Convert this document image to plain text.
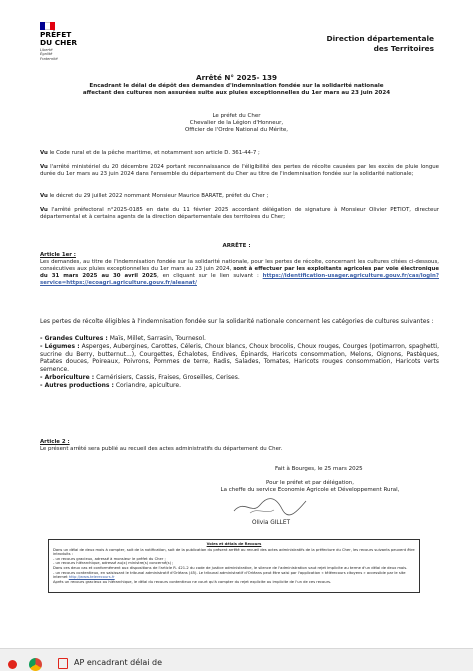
PRÉFET
DU CHER
Liberté
Égalité
Fraternité
Direction départementale
des Territoires
Arrêté N° 2025- 139
Encadrant le délai de dépôt des demandes d'indemnisation fondée sur la solidarité nationale
affectant des cultures non assurées suite aux pluies exceptionnelles du 1er mars au 23 juin 2024
Le préfet du Cher
Chevalier de la Légion d'Honneur,
Officier de l'Ordre National du Mérite,
Vu le Code rural et de la pêche maritime, et notamment son article D. 361-44-7 ;
Vu l'arrêté ministériel du 20 décembre 2024 portant reconnaissance de l'éligibilité des pertes de récolte causées par les excès de pluie longue durée du 1er mars au 23 juin 2024 dans l'ensemble du département du Cher au titre de l'indemnisation fondée sur la solidarité nationale;
Vu le décret du 29 juillet 2022 nommant Monsieur Maurice BARATE, préfet du Cher ;
Vu l'arrêté préfectoral n°2025-0185 en date du 11 février 2025 accordant délégation de signature à Monsieur Olivier PETIOT, directeur départemental et à certains agents de la direction départementale des territoires du Cher;
ARRÊTE :
Article 1er :
Les demandes, au titre de l'indemnisation fondée sur la solidarité nationale, pour les pertes de récolte, concernant les cultures citées ci-dessous, consécutives aux pluies exceptionnelles du 1er mars au 23 juin 2024, sont à effectuer par les exploitants agricoles par voie électronique du 31 mars 2025 au 30 avril 2025, en cliquant sur le lien suivant : https://identification-usager.agriculture.gouv.fr/cas/login?service=https://ecoagri.agriculture.gouv.fr/aleanat/
Les pertes de récolte éligibles à l'indemnisation fondée sur la solidarité nationale concernent les catégories de cultures suivantes :
- Grandes Cultures : Maïs, Millet, Sarrasin, Tournesol.
- Légumes : Asperges, Aubergines, Carottes, Céleris, Choux blancs, Choux brocolis, Choux rouges, Courges (potimarron, spaghetti, sucrine du Berry, butternut...), Courgettes, Échalotes, Endives, Épinards, Haricots consommation, Melons, Oignons, Pastèques, Patates douces, Poireaux, Poivrons, Pommes de terre, Radis, Salades, Tomates, Haricots rouges consommation, Haricots verts semence.
- Arboriculture : Camérisiers, Cassis, Fraises, Groseilles, Cerises.
- Autres productions : Coriandre, apiculture.
Article 2 :
Le présent arrêté sera publié au recueil des actes administratifs du département du Cher.
Fait à Bourges, le 25 mars 2025
Pour le préfet et par délégation,
La cheffe du service Economie Agricole et Développement Rural,
Olivia GILLET
Voies et délais de Recours
Dans un délai de deux mois à compter, soit de la notification, soit de la publication du présent arrêté au recueil des actes administratifs de la préfecture du Cher, les recours suivants peuvent être introduits :
- un recours gracieux, adressé à monsieur le préfet du Cher ;
- un recours hiérarchique, adressé au(x) ministre(s) concerné(s) ;
Dans ces deux cas et conformément aux dispositions de l'article R. 421-2 du code de justice administrative, le silence de l'administration vaut rejet implicite au terme d'un délai de deux mois.
- un recours contentieux, en saisissant le tribunal administratif d'Orléans (45). Le tribunal administratif d'Orléans peut être saisi par l'application « télérecours citoyens » accessible par le site internet http://www.telerecours.fr
Après un recours gracieux ou hiérarchique, le délai du recours contentieux ne court qu'à compter du rejet explicite ou implicite de l'un de ces recours.
AP encadrant délai de
